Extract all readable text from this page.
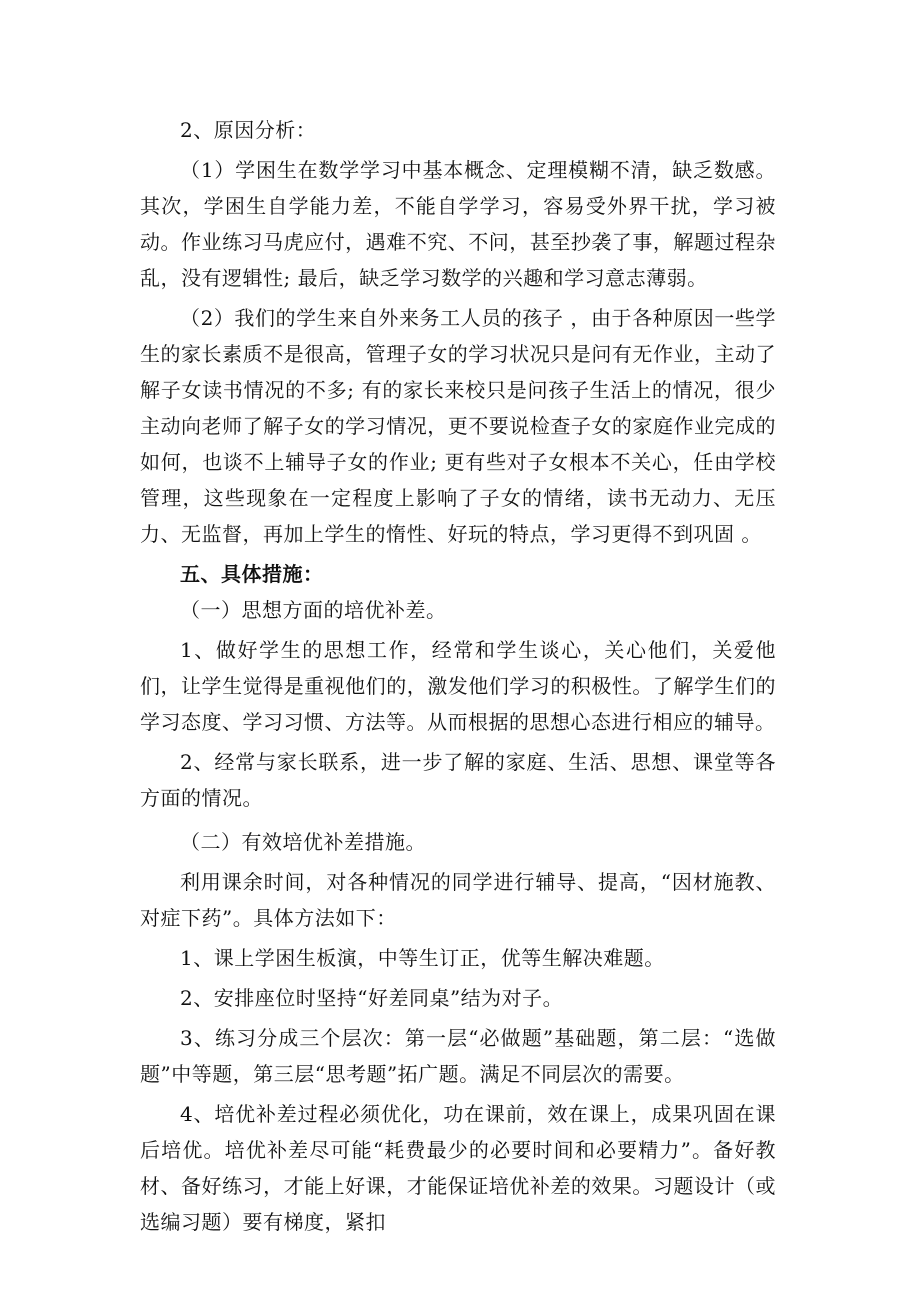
2、原因分析：

（1）学困生在数学学习中基本概念、定理模糊不清，缺乏数感。其次，学困生自学能力差，不能自学学习，容易受外界干扰，学习被动。作业练习马虎应付，遇难不究、不问，甚至抄袭了事，解题过程杂乱，没有逻辑性; 最后，缺乏学习数学的兴趣和学习意志薄弱。

（2）我们的学生来自外来务工人员的孩子 ，由于各种原因一些学生的家长素质不是很高，管理子女的学习状况只是问有无作业，主动了解子女读书情况的不多; 有的家长来校只是问孩子生活上的情况，很少主动向老师了解子女的学习情况，更不要说检查子女的家庭作业完成的如何，也谈不上辅导子女的作业; 更有些对子女根本不关心，任由学校管理，这些现象在一定程度上影响了子女的情绪，读书无动力、无压力、无监督，再加上学生的惰性、好玩的特点，学习更得不到巩固 。

五、具体措施：

（一）思想方面的培优补差。

1、做好学生的思想工作，经常和学生谈心，关心他们，关爱他们，让学生觉得是重视他们的，激发他们学习的积极性。了解学生们的学习态度、学习习惯、方法等。从而根据的思想心态进行相应的辅导。

2、经常与家长联系，进一步了解的家庭、生活、思想、课堂等各方面的情况。

（二）有效培优补差措施。

利用课余时间，对各种情况的同学进行辅导、提高，“因材施教、对症下药”。具体方法如下：

1、课上学困生板演，中等生订正，优等生解决难题。

2、安排座位时坚持“好差同桌”结为对子。

3、练习分成三个层次：第一层“必做题”基础题，第二层：“选做题”中等题，第三层“思考题”拓广题。满足不同层次的需要。

4、培优补差过程必须优化，功在课前，效在课上，成果巩固在课后培优。培优补差尽可能“耗费最少的必要时间和必要精力”。备好教材、备好练习，才能上好课，才能保证培优补差的效果。习题设计（或选编习题）要有梯度，紧扣
